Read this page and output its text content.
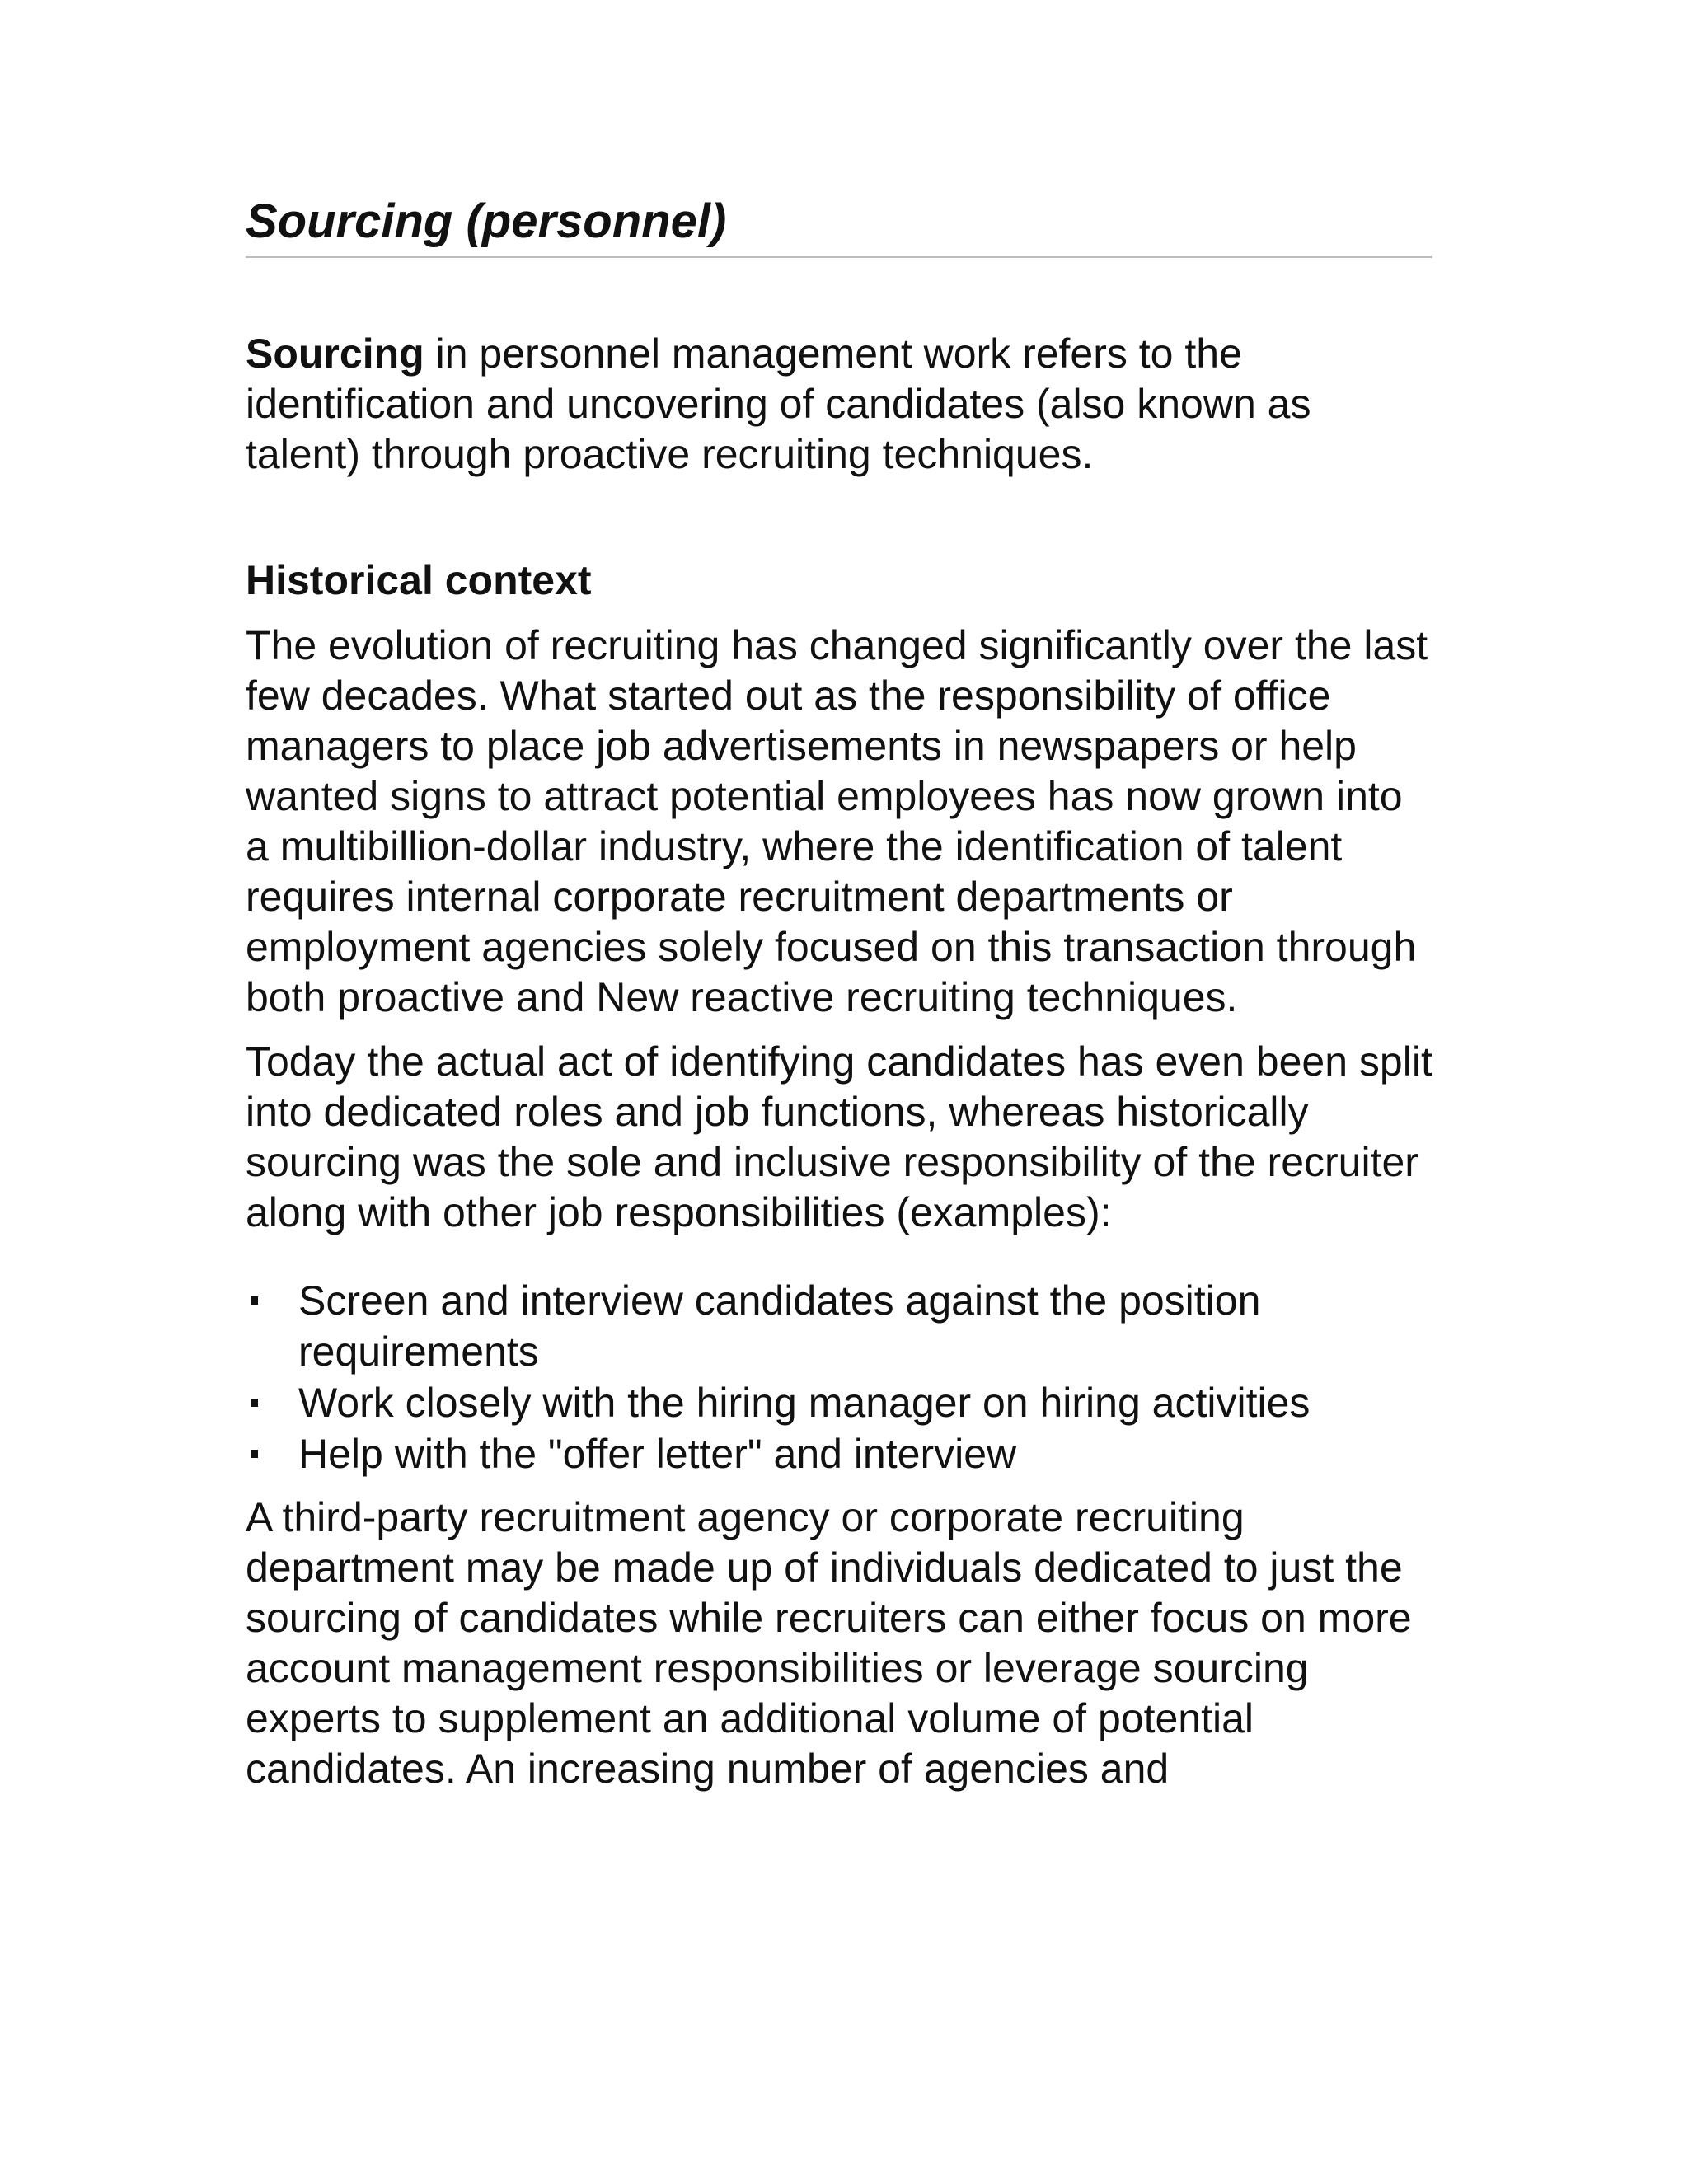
Sourcing (personnel)

Sourcing in personnel management work refers to the identification and uncovering of candidates (also known as talent) through proactive recruiting techniques.

Historical context

The evolution of recruiting has changed significantly over the last few decades. What started out as the responsibility of office managers to place job advertisements in newspapers or help wanted signs to attract potential employees has now grown into a multibillion-dollar industry, where the identification of talent requires internal corporate recruitment departments or employment agencies solely focused on this transaction through both proactive and New reactive recruiting techniques.

Today the actual act of identifying candidates has even been split into dedicated roles and job functions, whereas historically sourcing was the sole and inclusive responsibility of the recruiter along with other job responsibilities (examples):

Screen and interview candidates against the position requirements
Work closely with the hiring manager on hiring activities
Help with the "offer letter" and interview

A third-party recruitment agency or corporate recruiting department may be made up of individuals dedicated to just the sourcing of candidates while recruiters can either focus on more account management responsibilities or leverage sourcing experts to supplement an additional volume of potential candidates. An increasing number of agencies and
